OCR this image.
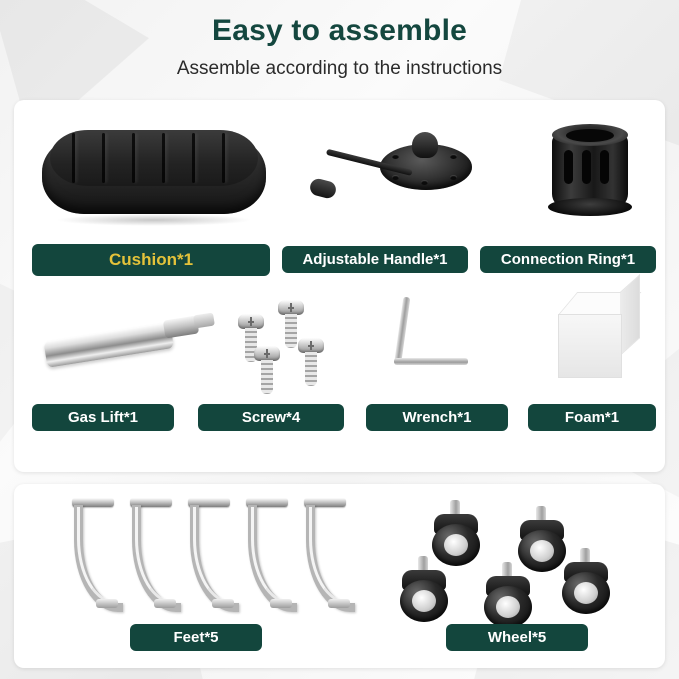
Easy to assemble
Assemble according to the instructions
Cushion*1	Adjustable Handle*1	Connection Ring*1
Gas Lift*1	Screw*4	Wrench*1	Foam*1
Feet*5	Wheel*5
